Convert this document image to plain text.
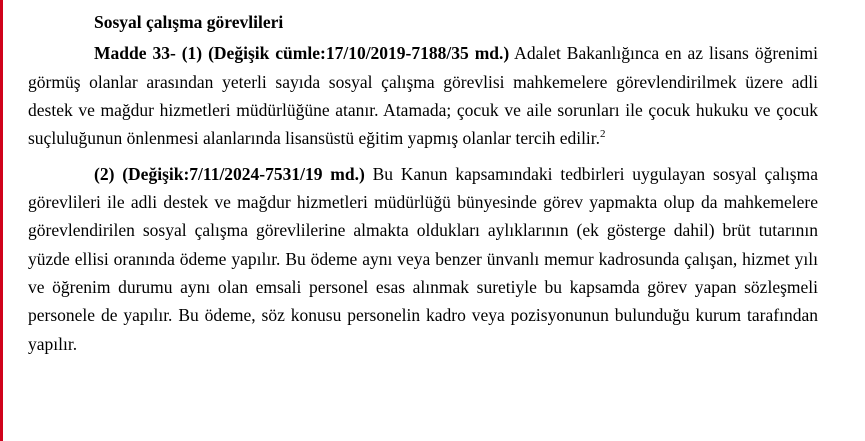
Sosyal çalışma görevlileri

Madde 33- (1) (Değişik cümle:17/10/2019-7188/35 md.) Adalet Bakanlığınca en az lisans öğrenimi görmüş olanlar arasından yeterli sayıda sosyal çalışma görevlisi mahkemelere görevlendirilmek üzere adli destek ve mağdur hizmetleri müdürlüğüne atanır. Atamada; çocuk ve aile sorunları ile çocuk hukuku ve çocuk suçluluğunun önlenmesi alanlarında lisansüstü eğitim yapmış olanlar tercih edilir.$^2$

(2) (Değişik:7/11/2024-7531/19 md.) Bu Kanun kapsamındaki tedbirleri uygulayan sosyal çalışma görevlileri ile adli destek ve mağdur hizmetleri müdürlüğü bünyesinde görev yapmakta olup da mahkemelere görevlendirilen sosyal çalışma görevlilerine almakta oldukları aylıklarının (ek gösterge dahil) brüt tutarının yüzde ellisi oranında ödeme yapılır. Bu ödeme aynı veya benzer ünvanlı memur kadrosunda çalışan, hizmet yılı ve öğrenim durumu aynı olan emsali personel esas alınmak suretiyle bu kapsamda görev yapan sözleşmeli personele de yapılır. Bu ödeme, söz konusu personelin kadro veya pozisyonunun bulunduğu kurum tarafından yapılır.
